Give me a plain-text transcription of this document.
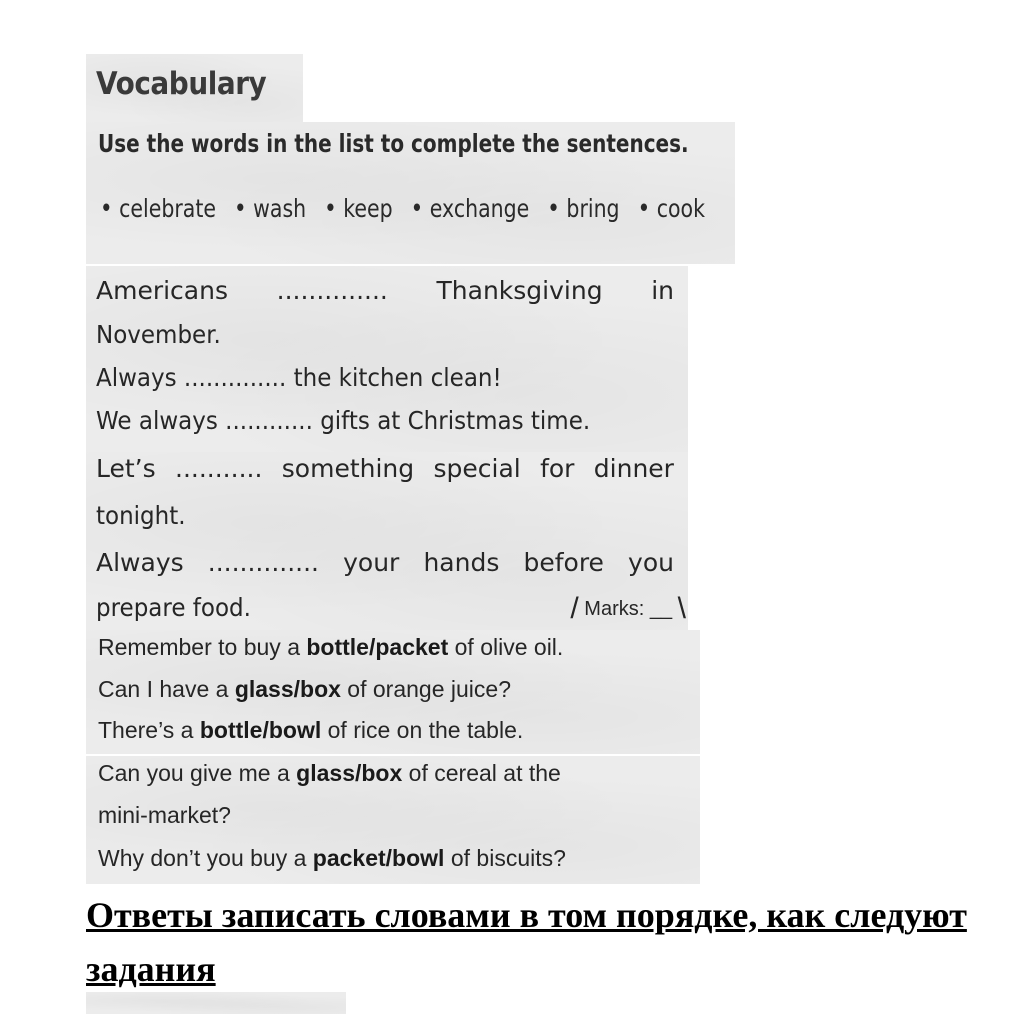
Vocabulary

Use the words in the list to complete the sentences.

• celebrate • wash • keep • exchange • bring • cook
Americans .............. Thanksgiving in
November.
Always .............. the kitchen clean!
We always ............ gifts at Christmas time.
Let’s ........... something special for dinner
tonight.
Always .............. your hands before you
prepare food.	/ Marks: __ \
Remember to buy a bottle/packet of olive oil.
Can I have a glass/box of orange juice?
There’s a bottle/bowl of rice on the table.
Can you give me a glass/box of cereal at the
mini-market?
Why don’t you buy a packet/bowl of biscuits?

Ответы записать словами в том порядке, как следуют задания
